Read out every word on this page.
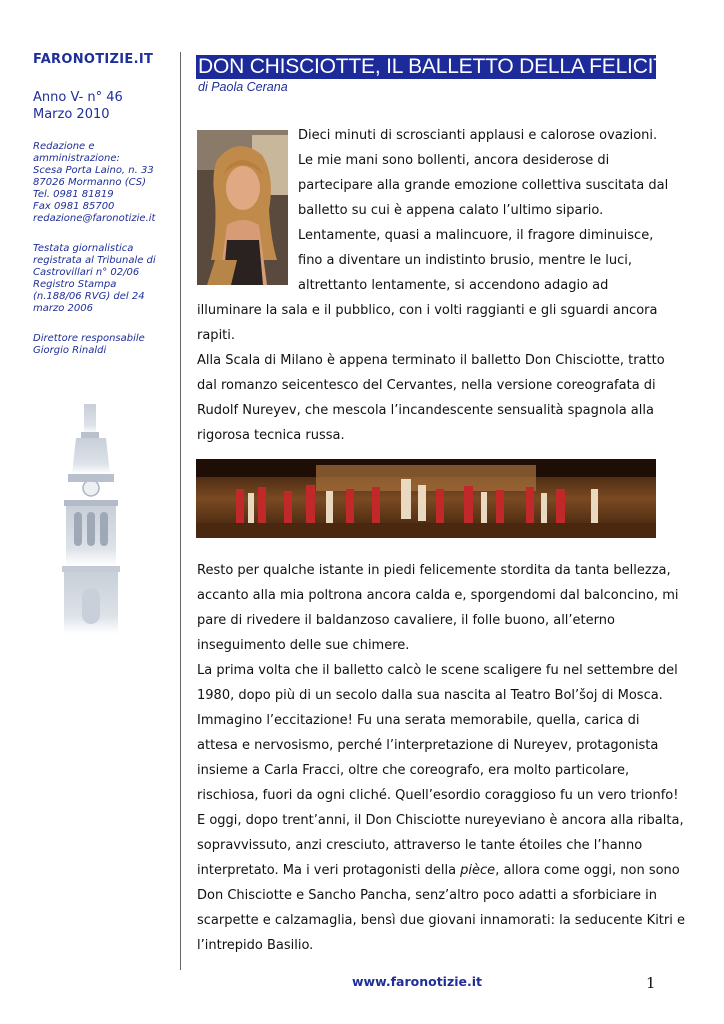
FARONOTIZIE.IT

Anno V- n° 46
Marzo 2010
Redazione e
amministrazione:
Scesa Porta Laino, n. 33
87026 Mormanno (CS)
Tel. 0981 81819
Fax 0981 85700
redazione@faronotizie.it
Testata giornalistica
registrata al Tribunale di
Castrovillari n° 02/06
Registro Stampa
(n.188/06 RVG) del 24
marzo 2006
Direttore responsabile
Giorgio Rinaldi
DON CHISCIOTTE, IL BALLETTO DELLA FELICITA’
di Paola Cerana
Dieci minuti di scroscianti applausi e calorose ovazioni.
Le mie mani sono bollenti, ancora desiderose di
partecipare alla grande emozione collettiva suscitata dal
balletto su cui è appena calato l’ultimo sipario.
Lentamente, quasi a malincuore, il fragore diminuisce,
fino a diventare un indistinto brusio, mentre le luci,
altrettanto lentamente, si accendono adagio ad
illuminare la sala e il pubblico, con i volti raggianti e gli sguardi ancora
rapiti.
Alla Scala di Milano è appena terminato il balletto Don Chisciotte, tratto
dal romanzo seicentesco del Cervantes, nella versione coreografata di
Rudolf Nureyev, che mescola l’incandescente sensualità spagnola alla
rigorosa tecnica russa.
Resto per qualche istante in piedi felicemente stordita da tanta bellezza,
accanto alla mia poltrona ancora calda e, sporgendomi dal balconcino, mi
pare di rivedere il baldanzoso cavaliere, il folle buono, all’eterno
inseguimento delle sue chimere.
La prima volta che il balletto calcò le scene scaligere fu nel settembre del
1980, dopo più di un secolo dalla sua nascita al Teatro Bol’šoj di Mosca.
Immagino l’eccitazione! Fu una serata memorabile, quella, carica di
attesa e nervosismo, perché l’interpretazione di Nureyev, protagonista
insieme a Carla Fracci, oltre che coreografo, era molto particolare,
rischiosa, fuori da ogni cliché. Quell’esordio coraggioso fu un vero trionfo!
E oggi, dopo trent’anni, il Don Chisciotte nureyeviano è ancora alla ribalta,
sopravvissuto, anzi cresciuto, attraverso le tante étoiles che l’hanno
interpretato. Ma i veri protagonisti della pièce, allora come oggi, non sono
Don Chisciotte e Sancho Pancha, senz’altro poco adatti a sforbiciare in
scarpette e calzamaglia, bensì due giovani innamorati: la seducente Kitri e
l’intrepido Basilio.
www.faronotizie.it	1
